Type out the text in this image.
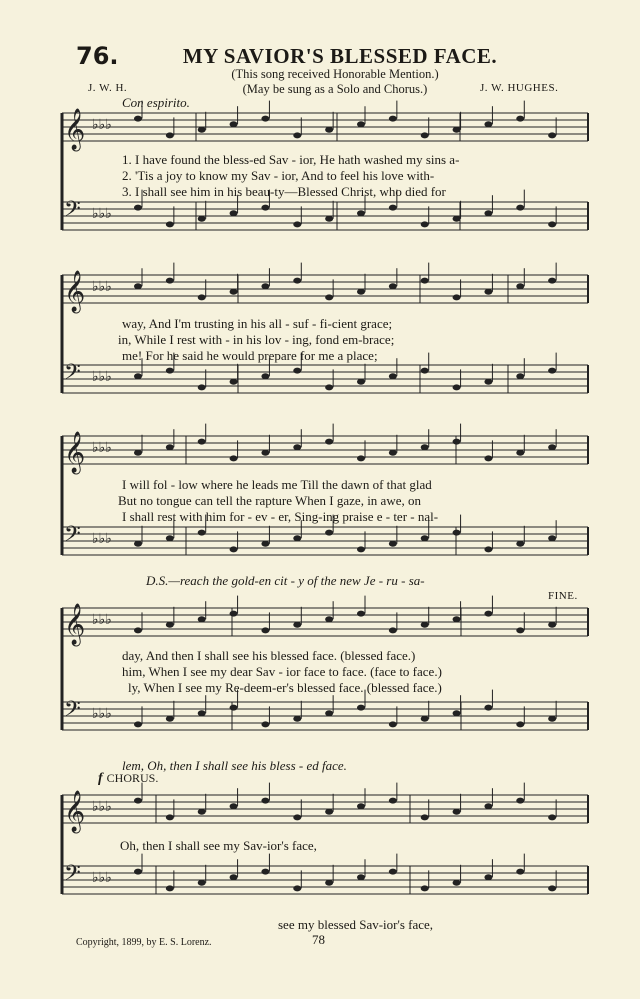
76.	MY SAVIOR'S BLESSED FACE.
(This song received Honorable Mention.)
(May be sung as a Solo and Chorus.)
J. W. H.	J. W. HUGHES.
Con espirito.
𝄞 ♭♭♭
𝄢 ♭♭♭
𝄞 ♭♭♭
𝄢 ♭♭♭
𝄞 ♭♭♭
𝄢 ♭♭♭
𝄞 ♭♭♭
𝄢 ♭♭♭
𝄞 ♭♭♭
𝄢 ♭♭♭
1. I have found the bless-ed Sav - ior, He hath washed my sins a-
2. 'Tis a joy to know my Sav - ior, And to feel his love with-
3. I shall see him in his beau-ty—Blessed Christ, who died for
way, And I'm trusting in his all - suf - fi-cient grace;
in, While I rest with - in his lov - ing, fond em-brace;
me! For he said he would prepare for me a place;
I will fol - low where he leads me Till the dawn of that glad
But no tongue can tell the rapture When I gaze, in awe, on
I shall rest with him for - ev - er, Sing-ing praise e - ter - nal-
D.S.—reach the gold-en cit - y of the new Je - ru - sa-
FINE.
day, And then I shall see his blessed face. (blessed face.)
him, When I see my dear Sav - ior face to face. (face to face.)
ly, When I see my Re-deem-er's blessed face. (blessed face.)
lem, Oh, then I shall see his bless - ed face.
f CHORUS.
Oh, then I shall see my Sav-ior's face,
see my blessed Sav-ior's face,
Copyright, 1899, by E. S. Lorenz.	78
